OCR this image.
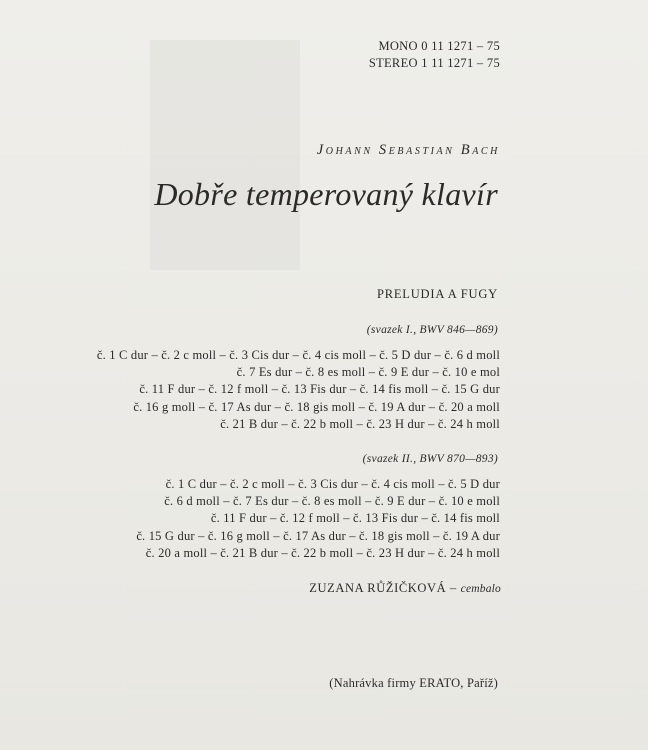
MONO 0 11 1271 – 75
STEREO 1 11 1271 – 75
Johann Sebastian Bach
Dobře temperovaný klavír
PRELUDIA A FUGY
(svazek I., BWV 846—869)
č. 1 C dur – č. 2 c moll – č. 3 Cis dur – č. 4 cis moll – č. 5 D dur – č. 6 d moll
č. 7 Es dur – č. 8 es moll – č. 9 E dur – č. 10 e mol
č. 11 F dur – č. 12 f moll – č. 13 Fis dur – č. 14 fis moll – č. 15 G dur
č. 16 g moll – č. 17 As dur – č. 18 gis moll – č. 19 A dur – č. 20 a moll
č. 21 B dur – č. 22 b moll – č. 23 H dur – č. 24 h moll
(svazek II., BWV 870—893)
č. 1 C dur – č. 2 c moll – č. 3 Cis dur – č. 4 cis moll – č. 5 D dur
č. 6 d moll – č. 7 Es dur – č. 8 es moll – č. 9 E dur – č. 10 e moll
č. 11 F dur – č. 12 f moll – č. 13 Fis dur – č. 14 fis moll
č. 15 G dur – č. 16 g moll – č. 17 As dur – č. 18 gis moll – č. 19 A dur
č. 20 a moll – č. 21 B dur – č. 22 b moll – č. 23 H dur – č. 24 h moll
ZUZANA RŮŽIČKOVÁ – cembalo
(Nahrávka firmy ERATO, Paříž)
